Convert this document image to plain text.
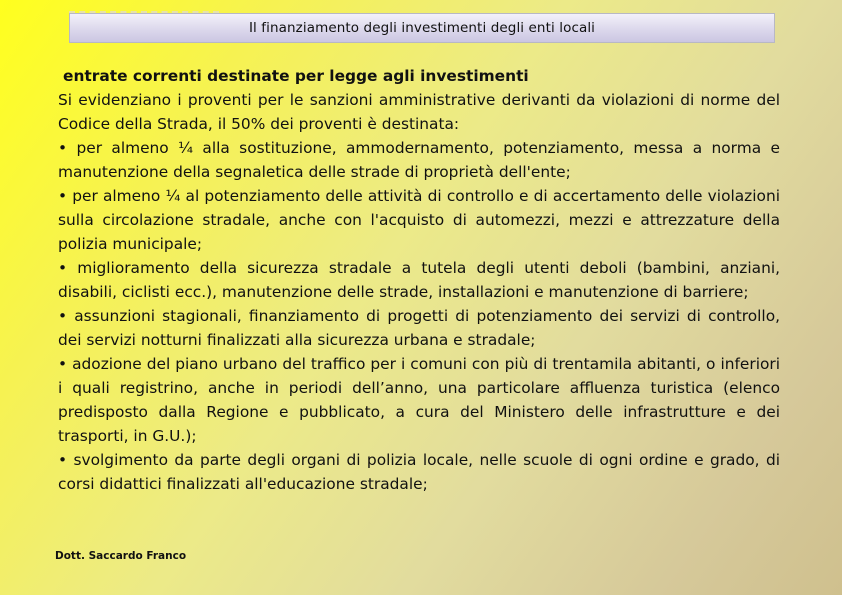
Il finanziamento degli investimenti degli enti locali

entrate correnti destinate per legge agli investimenti

Si evidenziano i proventi per le sanzioni amministrative derivanti da violazioni di norme del Codice della Strada, il 50% dei proventi è destinata:

• per almeno ¼ alla sostituzione, ammodernamento, potenziamento, messa a norma e manutenzione della segnaletica delle strade di proprietà dell'ente;

• per almeno ¼ al potenziamento delle attività di controllo e di accertamento delle violazioni sulla circolazione stradale, anche con l'acquisto di automezzi, mezzi e attrezzature della polizia municipale;

• miglioramento della sicurezza stradale a tutela degli utenti deboli (bambini, anziani, disabili, ciclisti ecc.), manutenzione delle strade, installazioni e manutenzione di barriere;

• assunzioni stagionali, finanziamento di progetti di potenziamento dei servizi di controllo, dei servizi notturni finalizzati alla sicurezza urbana e stradale;

• adozione del piano urbano del traffico per i comuni con più di trentamila abitanti, o inferiori i quali registrino, anche in periodi dell’anno, una particolare affluenza turistica (elenco predisposto dalla Regione e pubblicato, a cura del Ministero delle infrastrutture e dei trasporti, in G.U.);

• svolgimento da parte degli organi di polizia locale, nelle scuole di ogni ordine e grado, di corsi didattici finalizzati all'educazione stradale;

Dott. Saccardo Franco
